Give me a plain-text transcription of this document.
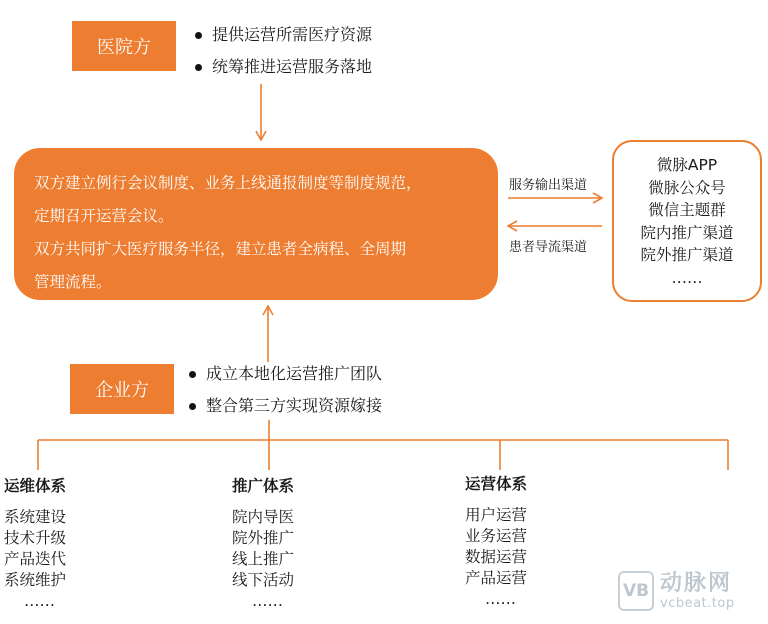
医院方
提供运营所需医疗资源
统筹推进运营服务落地
双方建立例行会议制度、业务上线通报制度等制度规范，
定期召开运营会议。
双方共同扩大医疗服务半径，建立患者全病程、全周期
管理流程。
服务输出渠道
患者导流渠道
微脉APP
微脉公众号
微信主题群
院内推广渠道
院外推广渠道
……
企业方
成立本地化运营推广团队
整合第三方实现资源嫁接
运维体系
系统建设
技术升级
产品迭代
系统维护
……
推广体系
院内导医
院外推广
线上推广
线下活动
……
运营体系
用户运营
业务运营
数据运营
产品运营
……	VB 动脉网
vcbeat.top
